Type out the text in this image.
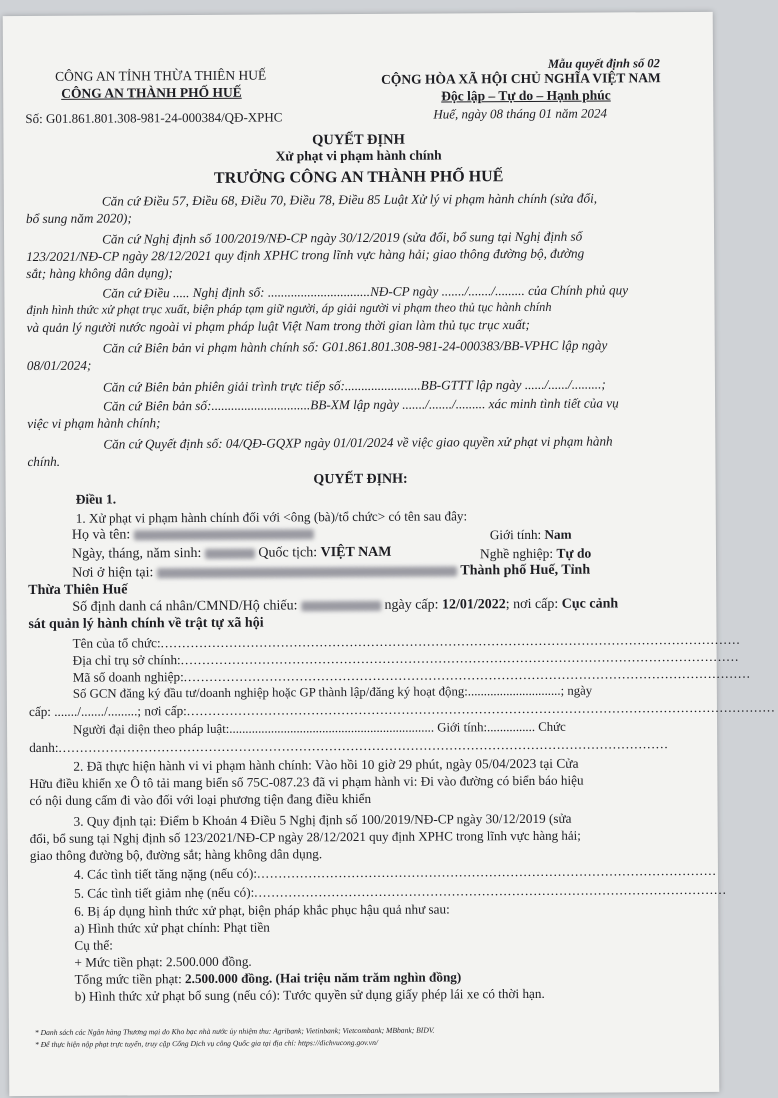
Mẫu quyết định số 02
CÔNG AN TỈNH THỪA THIÊN HUẾ
CÔNG AN THÀNH PHỐ HUẾ
CỘNG HÒA XÃ HỘI CHỦ NGHĨA VIỆT NAM
Độc lập – Tự do – Hạnh phúc
Số: G01.861.801.308-981-24-000384/QĐ-XPHC	Huế, ngày 08 tháng 01 năm 2024
QUYẾT ĐỊNH
Xử phạt vi phạm hành chính
TRƯỞNG CÔNG AN THÀNH PHỐ HUẾ
Căn cứ Điều 57, Điều 68, Điều 70, Điều 78, Điều 85 Luật Xử lý vi phạm hành chính (sửa đổi,
bổ sung năm 2020);
Căn cứ Nghị định số 100/2019/NĐ-CP ngày 30/12/2019 (sửa đổi, bổ sung tại Nghị định số
123/2021/NĐ-CP ngày 28/12/2021 quy định XPHC trong lĩnh vực hàng hải; giao thông đường bộ, đường
sắt; hàng không dân dụng);
Căn cứ Điều ..... Nghị định số: ...............................NĐ-CP ngày ......./......./......... của Chính phủ quy
định hình thức xử phạt trục xuất, biện pháp tạm giữ người, áp giải người vi phạm theo thủ tục hành chính
và quản lý người nước ngoài vi phạm pháp luật Việt Nam trong thời gian làm thủ tục trục xuất;
Căn cứ Biên bản vi phạm hành chính số: G01.861.801.308-981-24-000383/BB-VPHC lập ngày
08/01/2024;
Căn cứ Biên bản phiên giải trình trực tiếp số:.......................BB-GTTT lập ngày ....../....../.........;
Căn cứ Biên bản số:..............................BB-XM lập ngày ......./......./......... xác minh tình tiết của vụ
việc vi phạm hành chính;
Căn cứ Quyết định số: 04/QĐ-GQXP ngày 01/01/2024 về việc giao quyền xử phạt vi phạm hành
chính.
QUYẾT ĐỊNH:
Điều 1.
1. Xử phạt vi phạm hành chính đối với <ông (bà)/tổ chức> có tên sau đây:
Họ và tên:	Giới tính: Nam
Ngày, tháng, năm sinh:	Quốc tịch: VIỆT NAM	Nghề nghiệp: Tự do
Nơi ở hiện tại:	Thành phố Huế, Tỉnh
Thừa Thiên Huế
Số định danh cá nhân/CMND/Hộ chiếu:	ngày cấp: 12/01/2022; nơi cấp: Cục cảnh
sát quản lý hành chính về trật tự xã hội
Tên của tổ chức:.......................................................................................................................................
Địa chỉ trụ sở chính:..................................................................................................................................
Mã số doanh nghiệp:....................................................................................................................................
Số GCN đăng ký đầu tư/doanh nghiệp hoặc GP thành lập/đăng ký hoạt động:.............................; ngày
cấp: ......./......./.........; nơi cấp:.........................................................................................................................................
Người đại diện theo pháp luật:................................................................ Giới tính:............... Chức
danh:..............................................................................................................................................
2. Đã thực hiện hành vi vi phạm hành chính: Vào hồi 10 giờ 29 phút, ngày 05/04/2023 tại Cửa
Hữu điều khiển xe Ô tô tải mang biển số 75C-087.23 đã vi phạm hành vi: Đi vào đường có biển báo hiệu
có nội dung cấm đi vào đối với loại phương tiện đang điều khiển
3. Quy định tại: Điểm b Khoản 4 Điều 5 Nghị định số 100/2019/NĐ-CP ngày 30/12/2019 (sửa
đổi, bổ sung tại Nghị định số 123/2021/NĐ-CP ngày 28/12/2021 quy định XPHC trong lĩnh vực hàng hải;
giao thông đường bộ, đường sắt; hàng không dân dụng.
4. Các tình tiết tăng nặng (nếu có):...........................................................................................................
5. Các tình tiết giảm nhẹ (nếu có):..............................................................................................................
6. Bị áp dụng hình thức xử phạt, biện pháp khắc phục hậu quả như sau:
a) Hình thức xử phạt chính: Phạt tiền
Cụ thể:
+ Mức tiền phạt: 2.500.000 đồng.
Tổng mức tiền phạt: 2.500.000 đồng. (Hai triệu năm trăm nghìn đồng)
b) Hình thức xử phạt bổ sung (nếu có): Tước quyền sử dụng giấy phép lái xe có thời hạn.
* Danh sách các Ngân hàng Thương mại do Kho bạc nhà nước ủy nhiệm thu: Agribank; Vietinbank; Vietcombank; MBbank; BIDV.
* Để thực hiện nộp phạt trực tuyến, truy cập Cổng Dịch vụ công Quốc gia tại địa chỉ: https://dichvucong.gov.vn/
